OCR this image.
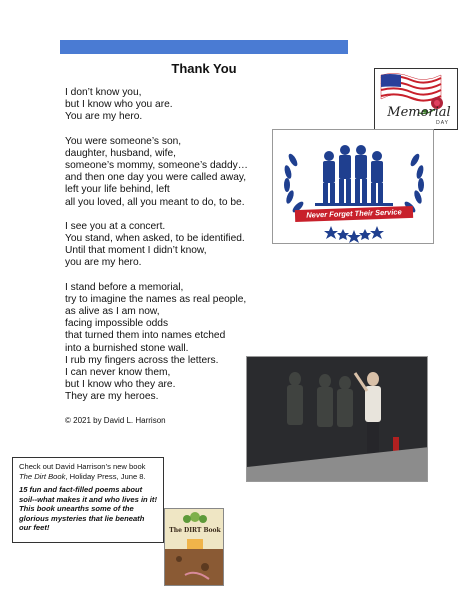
Thank You
I don’t know you,
but I know who you are.
You are my hero.
You were someone’s son,
daughter, husband, wife,
someone’s mommy, someone’s daddy…
and then one day you were called away,
left your life behind, left
all you loved, all you meant to do, to be.
I see you at a concert.
You stand, when asked, to be identified.
Until that moment I didn’t know,
you are my hero.
I stand before a memorial,
try to imagine the names as real people,
as alive as I am now,
facing impossible odds
that turned them into names etched
into a burnished stone wall.
I rub my fingers across the letters.
I can never know them,
but I know who they are.
They are my heroes.
© 2021 by David L. Harrison
Memorial
DAY
Never Forget Their Service

Check out David Harrison’s new book The Dirt Book, Holiday Press, June 8.

15 fun and fact-filled poems about soil--what makes it and who lives in it! This book unearths some of the glorious mysteries that lie beneath our feet!	The DIRT Book
